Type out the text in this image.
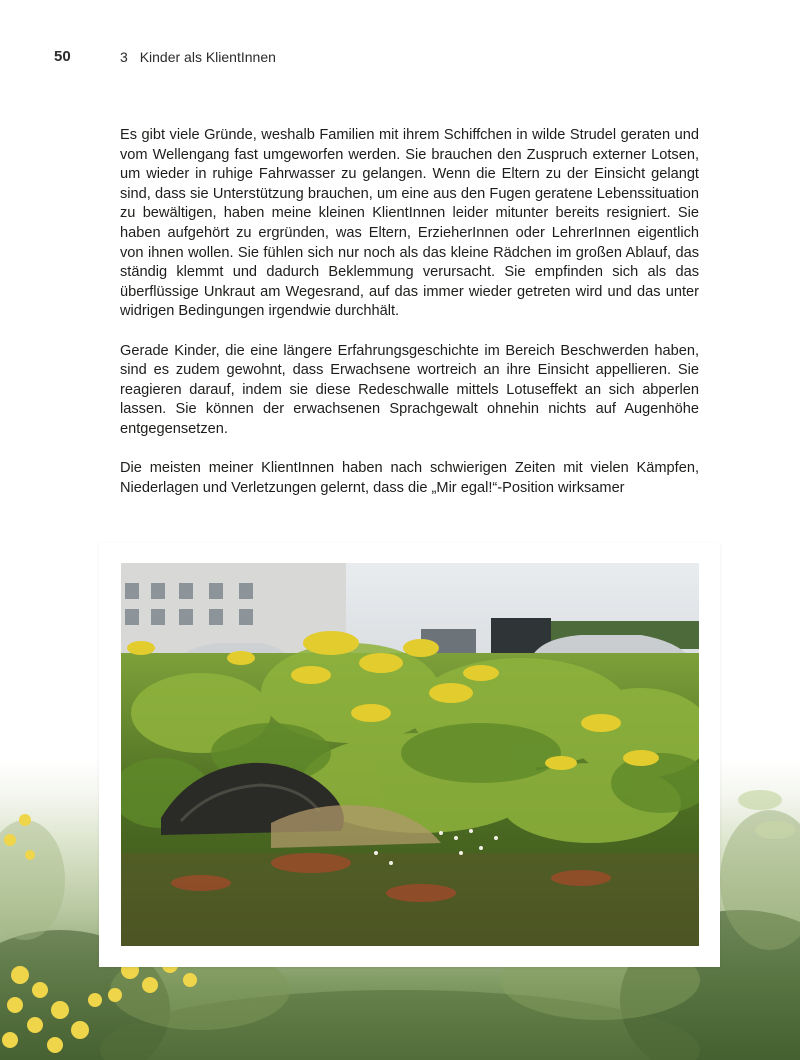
50	3 Kinder als KlientInnen

Es gibt viele Gründe, weshalb Familien mit ihrem Schiffchen in wilde Strudel geraten und vom Wellengang fast umgeworfen werden. Sie brauchen den Zuspruch externer Lotsen, um wieder in ruhige Fahrwasser zu gelangen. Wenn die Eltern zu der Einsicht gelangt sind, dass sie Unterstützung brauchen, um eine aus den Fugen geratene Lebenssituation zu bewältigen, haben meine kleinen KlientInnen leider mitunter bereits resigniert. Sie haben aufgehört zu ergründen, was Eltern, ErzieherInnen oder LehrerInnen eigentlich von ihnen wollen. Sie fühlen sich nur noch als das kleine Rädchen im großen Ablauf, das ständig klemmt und dadurch Beklemmung verursacht. Sie empfinden sich als das überflüssige Unkraut am Wegesrand, auf das immer wieder getreten wird und das unter widrigen Bedingungen irgendwie durchhält.

Gerade Kinder, die eine längere Erfahrungsgeschichte im Bereich Beschwerden haben, sind es zudem gewohnt, dass Erwachsene wortreich an ihre Einsicht appellieren. Sie reagieren darauf, indem sie diese Redeschwalle mittels Lotuseffekt an sich abperlen lassen. Sie können der erwachsenen Sprachgewalt ohnehin nichts auf Augenhöhe entgegensetzen.

Die meisten meiner KlientInnen haben nach schwierigen Zeiten mit vielen Kämpfen, Niederlagen und Verletzungen gelernt, dass die „Mir egal!“-Position wirksamer
